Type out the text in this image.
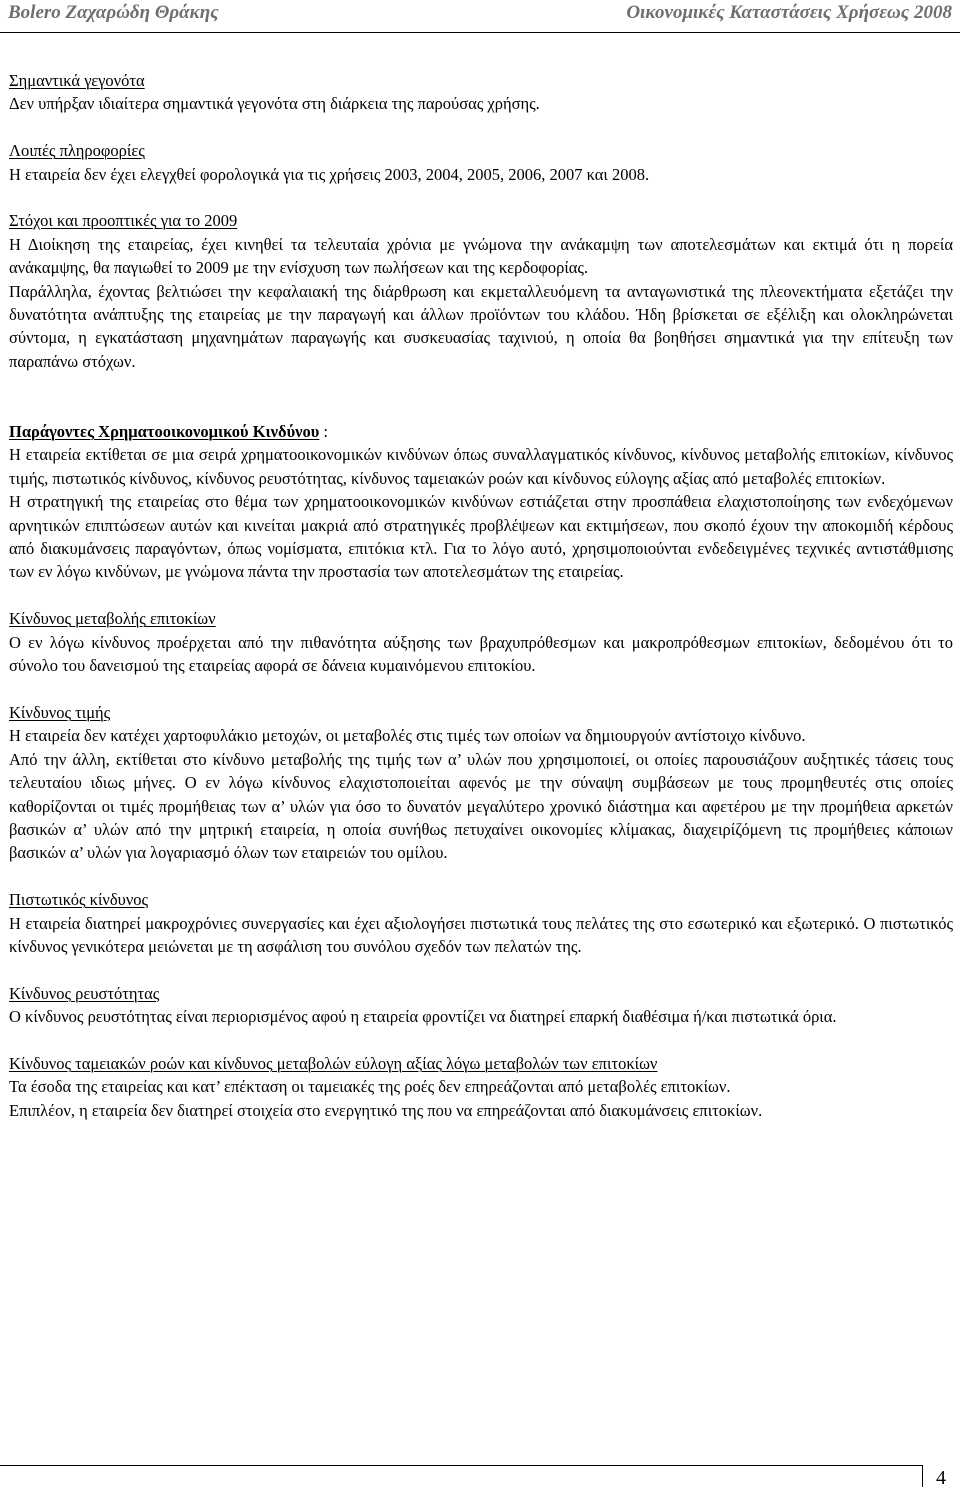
Bolero Ζαχαρώδη Θράκης	Οικονομικές Καταστάσεις Χρήσεως 2008
Σημαντικά γεγονότα

Δεν υπήρξαν ιδιαίτερα σημαντικά γεγονότα στη διάρκεια της παρούσας χρήσης.

Λοιπές πληροφορίες

Η εταιρεία δεν έχει ελεγχθεί φορολογικά για τις χρήσεις 2003, 2004, 2005, 2006, 2007 και 2008.

Στόχοι και προοπτικές για το 2009

Η Διοίκηση της εταιρείας, έχει κινηθεί τα τελευταία χρόνια με γνώμονα την ανάκαμψη των αποτελεσμάτων και εκτιμά ότι η πορεία ανάκαμψης, θα παγιωθεί το 2009 με την ενίσχυση των πωλήσεων και της κερδοφορίας.

Παράλληλα, έχοντας βελτιώσει την κεφαλαιακή της διάρθρωση και εκμεταλλευόμενη τα ανταγωνιστικά της πλεονεκτήματα εξετάζει την δυνατότητα ανάπτυξης της εταιρείας με την παραγωγή και άλλων προϊόντων του κλάδου. Ήδη βρίσκεται σε εξέλιξη και ολοκληρώνεται σύντομα, η εγκατάσταση μηχανημάτων παραγωγής και συσκευασίας ταχινιού, η οποία θα βοηθήσει σημαντικά για την επίτευξη των παραπάνω στόχων.

Παράγοντες Χρηματοοικονομικού Κινδύνου :

Η εταιρεία εκτίθεται σε μια σειρά χρηματοοικονομικών κινδύνων όπως συναλλαγματικός κίνδυνος, κίνδυνος μεταβολής επιτοκίων, κίνδυνος τιμής, πιστωτικός κίνδυνος, κίνδυνος ρευστότητας, κίνδυνος ταμειακών ροών και κίνδυνος εύλογης αξίας από μεταβολές επιτοκίων.

Η στρατηγική της εταιρείας στο θέμα των χρηματοοικονομικών κινδύνων εστιάζεται στην προσπάθεια ελαχιστοποίησης των ενδεχόμενων αρνητικών επιπτώσεων αυτών και κινείται μακριά από στρατηγικές προβλέψεων και εκτιμήσεων, που σκοπό έχουν την αποκομιδή κέρδους από διακυμάνσεις παραγόντων, όπως νομίσματα, επιτόκια κτλ. Για το λόγο αυτό, χρησιμοποιούνται ενδεδειγμένες τεχνικές αντιστάθμισης των εν λόγω κινδύνων, με γνώμονα πάντα την προστασία των αποτελεσμάτων της εταιρείας.

Κίνδυνος μεταβολής επιτοκίων

Ο εν λόγω κίνδυνος προέρχεται από την πιθανότητα αύξησης των βραχυπρόθεσμων και μακροπρόθεσμων επιτοκίων, δεδομένου ότι το σύνολο του δανεισμού της εταιρείας αφορά σε δάνεια κυμαινόμενου επιτοκίου.

Κίνδυνος τιμής

Η εταιρεία δεν κατέχει χαρτοφυλάκιο μετοχών, οι μεταβολές στις τιμές των οποίων να δημιουργούν αντίστοιχο κίνδυνο.

Από την άλλη, εκτίθεται στο κίνδυνο μεταβολής της τιμής των α’ υλών που χρησιμοποιεί, οι οποίες παρουσιάζουν αυξητικές τάσεις τους τελευταίου ιδιως μήνες. Ο εν λόγω κίνδυνος ελαχιστοποιείται αφενός με την σύναψη συμβάσεων με τους προμηθευτές στις οποίες καθορίζονται οι τιμές προμήθειας των α’ υλών για όσο το δυνατόν μεγαλύτερο χρονικό διάστημα και αφετέρου με την προμήθεια αρκετών βασικών α’ υλών από την μητρική εταιρεία, η οποία συνήθως πετυχαίνει οικονομίες κλίμακας, διαχειρίζόμενη τις προμήθειες κάποιων βασικών α’ υλών για λογαριασμό όλων των εταιρειών του ομίλου.

Πιστωτικός κίνδυνος

Η εταιρεία διατηρεί μακροχρόνιες συνεργασίες και έχει αξιολογήσει πιστωτικά τους πελάτες της στο εσωτερικό και εξωτερικό. Ο πιστωτικός κίνδυνος γενικότερα μειώνεται με τη ασφάλιση του συνόλου σχεδόν των πελατών της.

Κίνδυνος ρευστότητας

Ο κίνδυνος ρευστότητας είναι περιορισμένος αφού η εταιρεία φροντίζει να διατηρεί επαρκή διαθέσιμα ή/και πιστωτικά όρια.

Κίνδυνος ταμειακών ροών και κίνδυνος μεταβολών εύλογη αξίας λόγω μεταβολών των επιτοκίων

Τα έσοδα της εταιρείας και κατ’ επέκταση οι ταμειακές της ροές δεν επηρεάζονται από μεταβολές επιτοκίων.

Επιπλέον, η εταιρεία δεν διατηρεί στοιχεία στο ενεργητικό της που να επηρεάζονται από διακυμάνσεις επιτοκίων.

4
